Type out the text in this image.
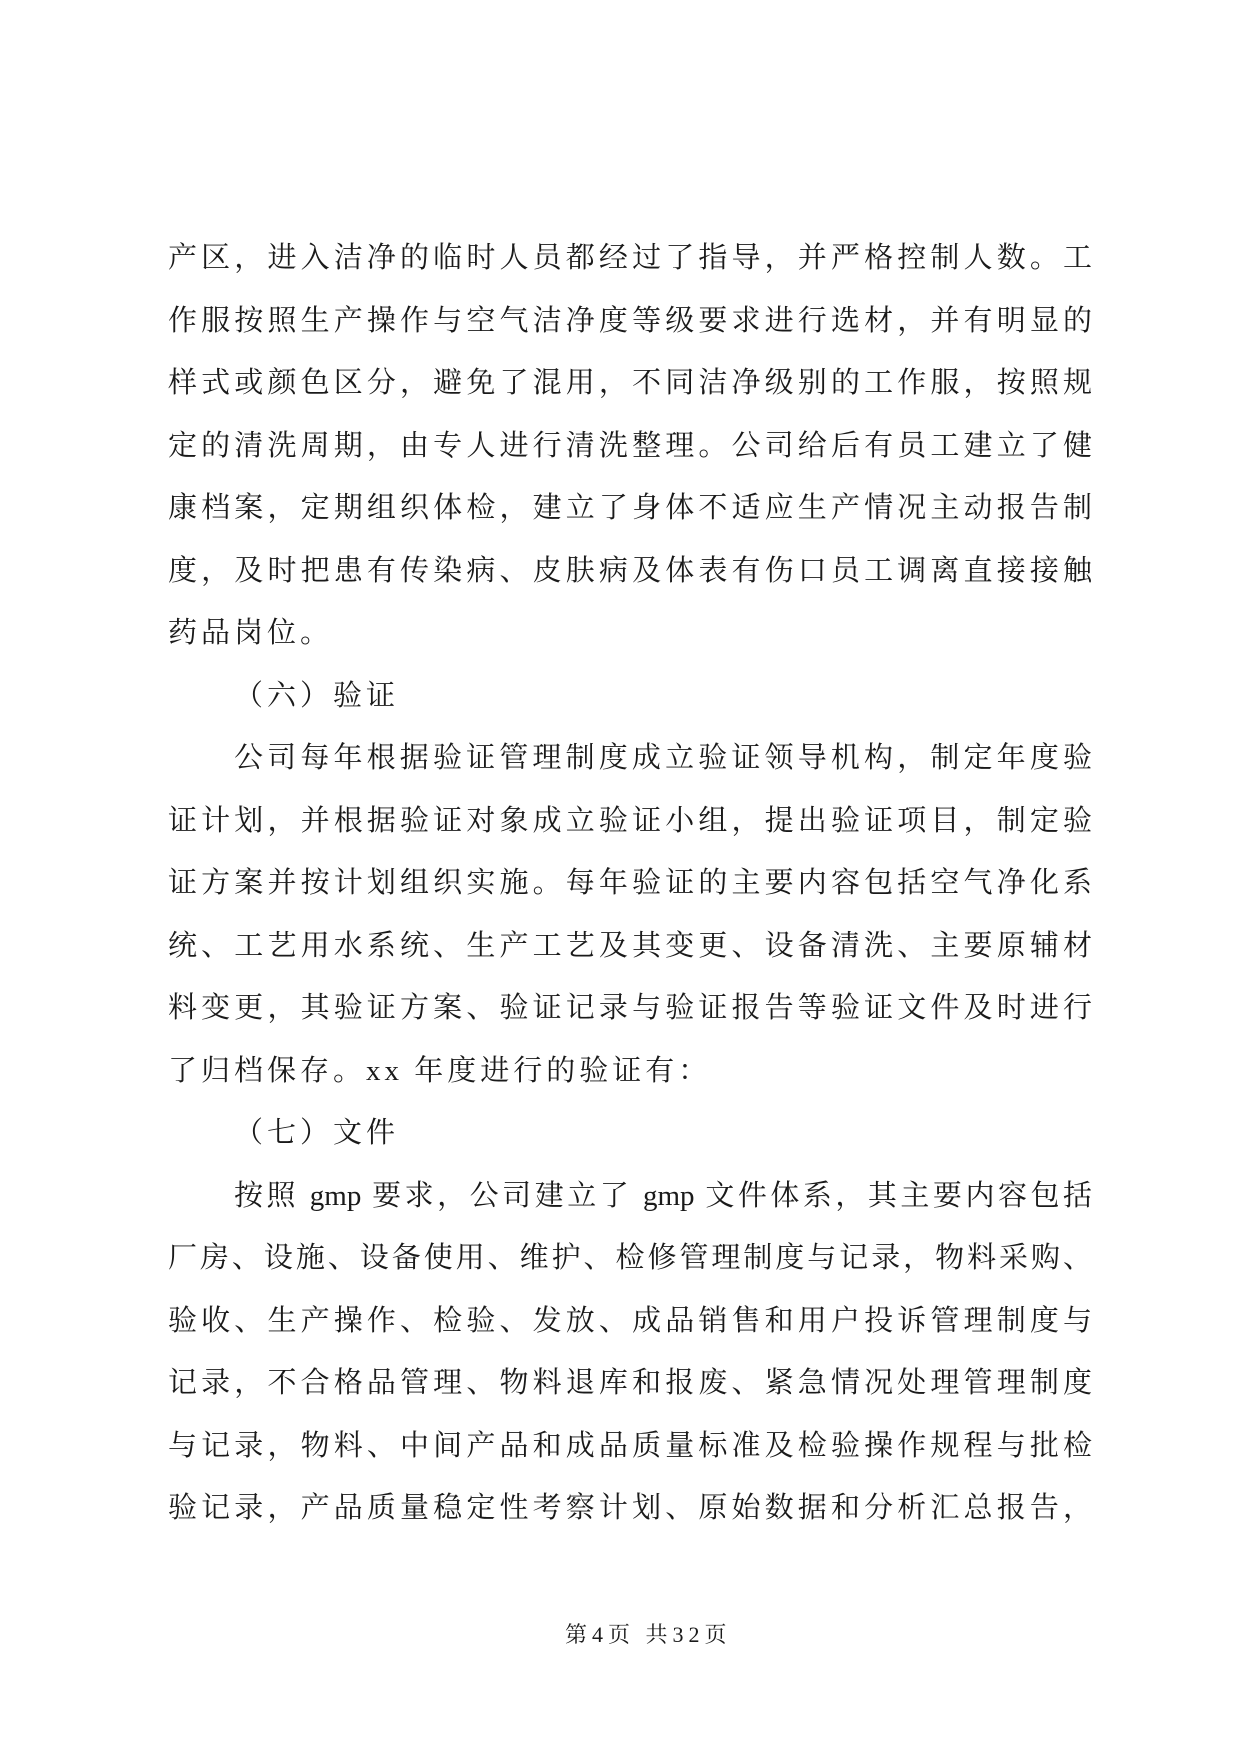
产区，进入洁净的临时人员都经过了指导，并严格控制人数。工
作服按照生产操作与空气洁净度等级要求进行选材，并有明显的
样式或颜色区分，避免了混用，不同洁净级别的工作服，按照规
定的清洗周期，由专人进行清洗整理。公司给后有员工建立了健
康档案，定期组织体检，建立了身体不适应生产情况主动报告制
度，及时把患有传染病、皮肤病及体表有伤口员工调离直接接触
药品岗位。
（六）验证
公司每年根据验证管理制度成立验证领导机构，制定年度验
证计划，并根据验证对象成立验证小组，提出验证项目，制定验
证方案并按计划组织实施。每年验证的主要内容包括空气净化系
统、工艺用水系统、生产工艺及其变更、设备清洗、主要原辅材
料变更，其验证方案、验证记录与验证报告等验证文件及时进行
了归档保存。xx 年度进行的验证有：
（七）文件
按照 gmp 要求，公司建立了 gmp 文件体系，其主要内容包括
厂房、设施、设备使用、维护、检修管理制度与记录，物料采购、
验收、生产操作、检验、发放、成品销售和用户投诉管理制度与
记录，不合格品管理、物料退库和报废、紧急情况处理管理制度
与记录，物料、中间产品和成品质量标准及检验操作规程与批检
验记录，产品质量稳定性考察计划、原始数据和分析汇总报告，
第4页 共32页
